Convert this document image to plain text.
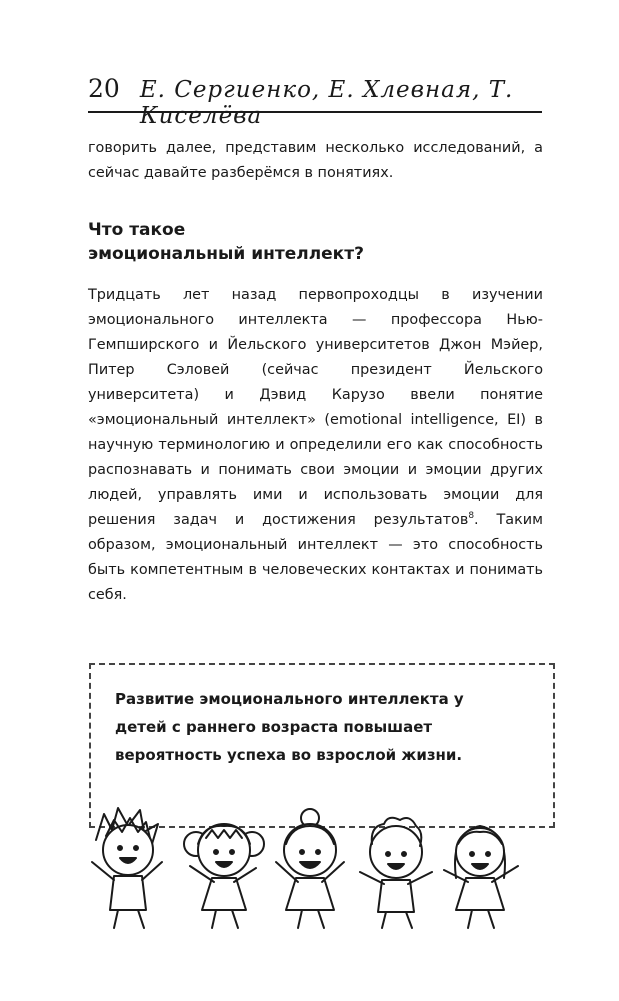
20 Е. Сергиенко, Е. Хлевная, Т. Киселёва
говорить далее, представим несколько исследований, а сейчас давайте разберёмся в понятиях.
Что такое
эмоциональный интеллект?
Тридцать лет назад первопроходцы в изучении эмоционального интеллекта — профессора Нью-Гемпширского и Йельского университетов Джон Мэйер, Питер Сэловей (сейчас президент Йельского университета) и Дэвид Карузо ввели понятие «эмоциональный интеллект» (emotional intelligence, EI) в научную терминологию и определили его как способность распознавать и понимать свои эмоции и эмоции других людей, управлять ими и использовать эмоции для решения задач и достижения результатов$^8$. Таким образом, эмоциональный интеллект — это способность быть компетентным в человеческих контактах и понимать себя.
Развитие эмоционального интеллекта у детей с раннего возраста повышает вероятность успеха во взрослой жизни.
